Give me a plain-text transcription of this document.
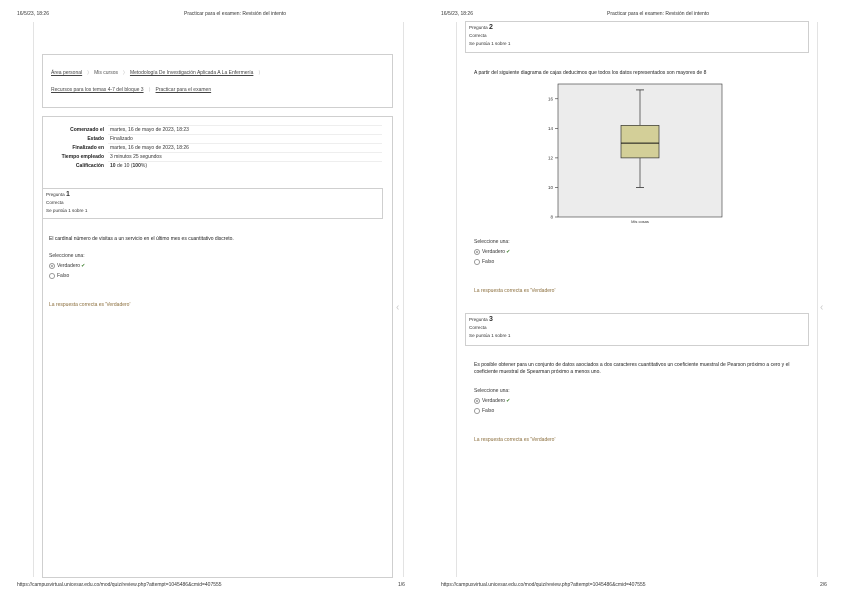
16/5/23, 18:26	Practicar para el examen: Revisión del intento
Área personal ⟩ Mis cursos ⟩ Metodología De Investigación Aplicada A La Enfermería ⟩
Recursos para los temas 4-7 del bloque 3 ⟩ Practicar para el examen
Comenzado el	martes, 16 de mayo de 2023, 18:23
Estado	Finalizado
Finalizado en	martes, 16 de mayo de 2023, 18:26
Tiempo empleado	3 minutos 25 segundos
Calificación	10 de 10 (100%)
Pregunta 1
Correcta
Se puntúa 1 sobre 1
El cardinal número de visitas a un servicio en el último mes es cuantitativo discreto.
Seleccione una:
Verdadero✔
Falso
La respuesta correcta es 'Verdadero'	‹
https://campusvirtual.unicesar.edu.co/mod/quiz/review.php?attempt=1045486&cmid=407555	1/6
16/5/23, 18:26	Practicar para el examen: Revisión del intento
Pregunta 2
Correcta
Se puntúa 1 sobre 1
A partir del siguiente diagrama de cajas deducimos que todos los datos representados son mayores de 8
8
10
12
14
16
Mis cosas
Seleccione una:
Verdadero✔
Falso
La respuesta correcta es 'Verdadero'
Pregunta 3
Correcta
Se puntúa 1 sobre 1
Es posible obtener para un conjunto de datos asociados a dos caracteres cuantitativos un coeficiente muestral de Pearson próximo a cero y el coeficiente muestral de Spearman próximo a menos uno.
Seleccione una:
Verdadero✔
Falso
La respuesta correcta es 'Verdadero'
‹
https://campusvirtual.unicesar.edu.co/mod/quiz/review.php?attempt=1045486&cmid=407555	2/6
